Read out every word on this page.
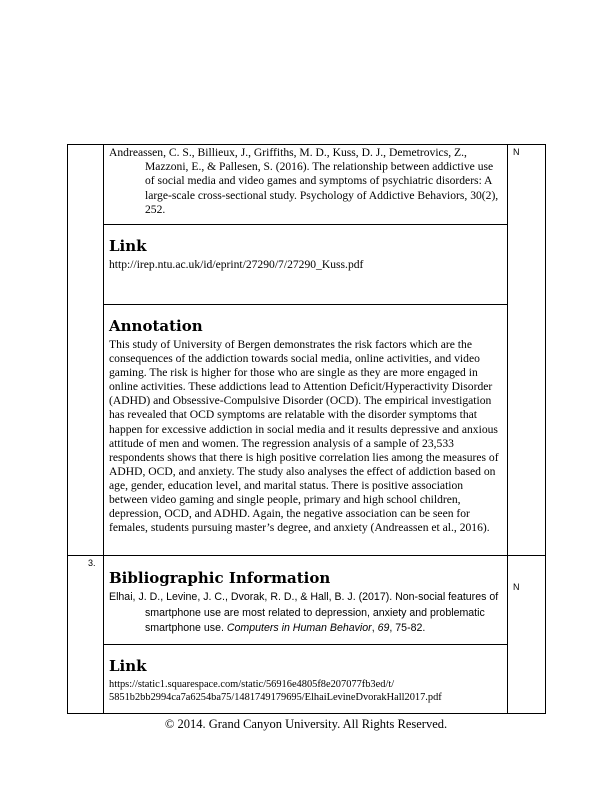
N

Andreassen, C. S., Billieux, J., Griffiths, M. D., Kuss, D. J., Demetrovics, Z., Mazzoni, E., & Pallesen, S. (2016). The relationship between addictive use of social media and video games and symptoms of psychiatric disorders: A large-scale cross-sectional study. Psychology of Addictive Behaviors, 30(2), 252.

Link

http://irep.ntu.ac.uk/id/eprint/27290/7/27290_Kuss.pdf

Annotation

This study of University of Bergen demonstrates the risk factors which are the consequences of the addiction towards social media, online activities, and video gaming. The risk is higher for those who are single as they are more engaged in online activities. These addictions lead to Attention Deficit/Hyperactivity Disorder (ADHD) and Obsessive-Compulsive Disorder (OCD). The empirical investigation has revealed that OCD symptoms are relatable with the disorder symptoms that happen for excessive addiction in social media and it results depressive and anxious attitude of men and women. The regression analysis of a sample of 23,533 respondents shows that there is high positive correlation lies among the measures of ADHD, OCD, and anxiety. The study also analyses the effect of addiction based on age, gender, education level, and marital status. There is positive association between video gaming and single people, primary and high school children, depression, OCD, and ADHD. Again, the negative association can be seen for females, students pursuing master’s degree, and anxiety (Andreassen et al., 2016).

3.
N

Bibliographic Information

Elhai, J. D., Levine, J. C., Dvorak, R. D., & Hall, B. J. (2017). Non-social features of smartphone use are most related to depression, anxiety and problematic smartphone use. Computers in Human Behavior, 69, 75-82.

Link

https://static1.squarespace.com/static/56916e4805f8e207077fb3ed/t/

5851b2bb2994ca7a6254ba75/1481749179695/ElhaiLevineDvorakHall2017.pdf

© 2014. Grand Canyon University. All Rights Reserved.
